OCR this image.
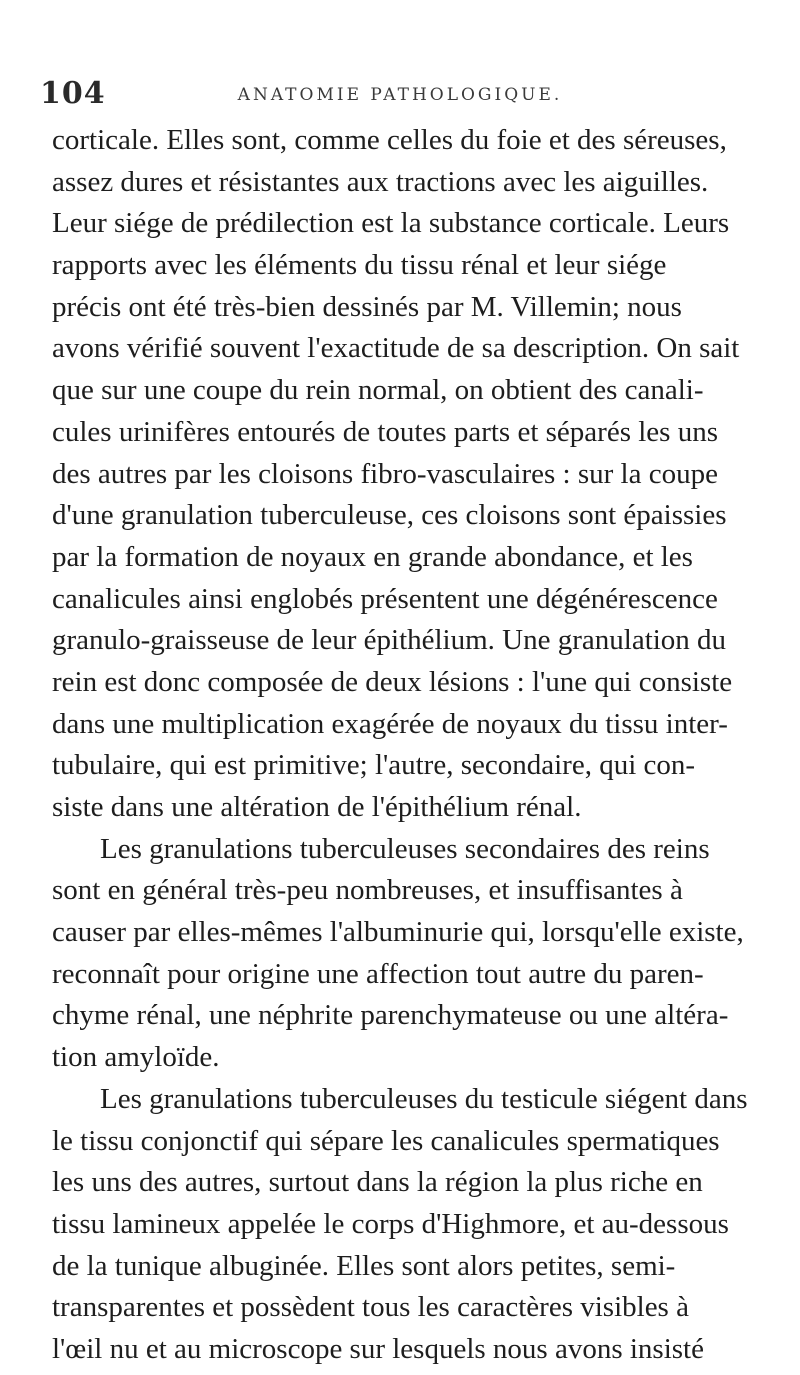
104	ANATOMIE PATHOLOGIQUE.
corticale. Elles sont, comme celles du foie et des séreuses,
assez dures et résistantes aux tractions avec les aiguilles.
Leur siége de prédilection est la substance corticale. Leurs
rapports avec les éléments du tissu rénal et leur siége
précis ont été très-bien dessinés par M. Villemin; nous
avons vérifié souvent l'exactitude de sa description. On sait
que sur une coupe du rein normal, on obtient des canali-
cules urinifères entourés de toutes parts et séparés les uns
des autres par les cloisons fibro-vasculaires : sur la coupe
d'une granulation tuberculeuse, ces cloisons sont épaissies
par la formation de noyaux en grande abondance, et les
canalicules ainsi englobés présentent une dégénérescence
granulo-graisseuse de leur épithélium. Une granulation du
rein est donc composée de deux lésions : l'une qui consiste
dans une multiplication exagérée de noyaux du tissu inter-
tubulaire, qui est primitive; l'autre, secondaire, qui con-
siste dans une altération de l'épithélium rénal.
Les granulations tuberculeuses secondaires des reins
sont en général très-peu nombreuses, et insuffisantes à
causer par elles-mêmes l'albuminurie qui, lorsqu'elle existe,
reconnaît pour origine une affection tout autre du paren-
chyme rénal, une néphrite parenchymateuse ou une altéra-
tion amyloïde.
Les granulations tuberculeuses du testicule siégent dans
le tissu conjonctif qui sépare les canalicules spermatiques
les uns des autres, surtout dans la région la plus riche en
tissu lamineux appelée le corps d'Highmore, et au-dessous
de la tunique albuginée. Elles sont alors petites, semi-
transparentes et possèdent tous les caractères visibles à
l'œil nu et au microscope sur lesquels nous avons insisté
